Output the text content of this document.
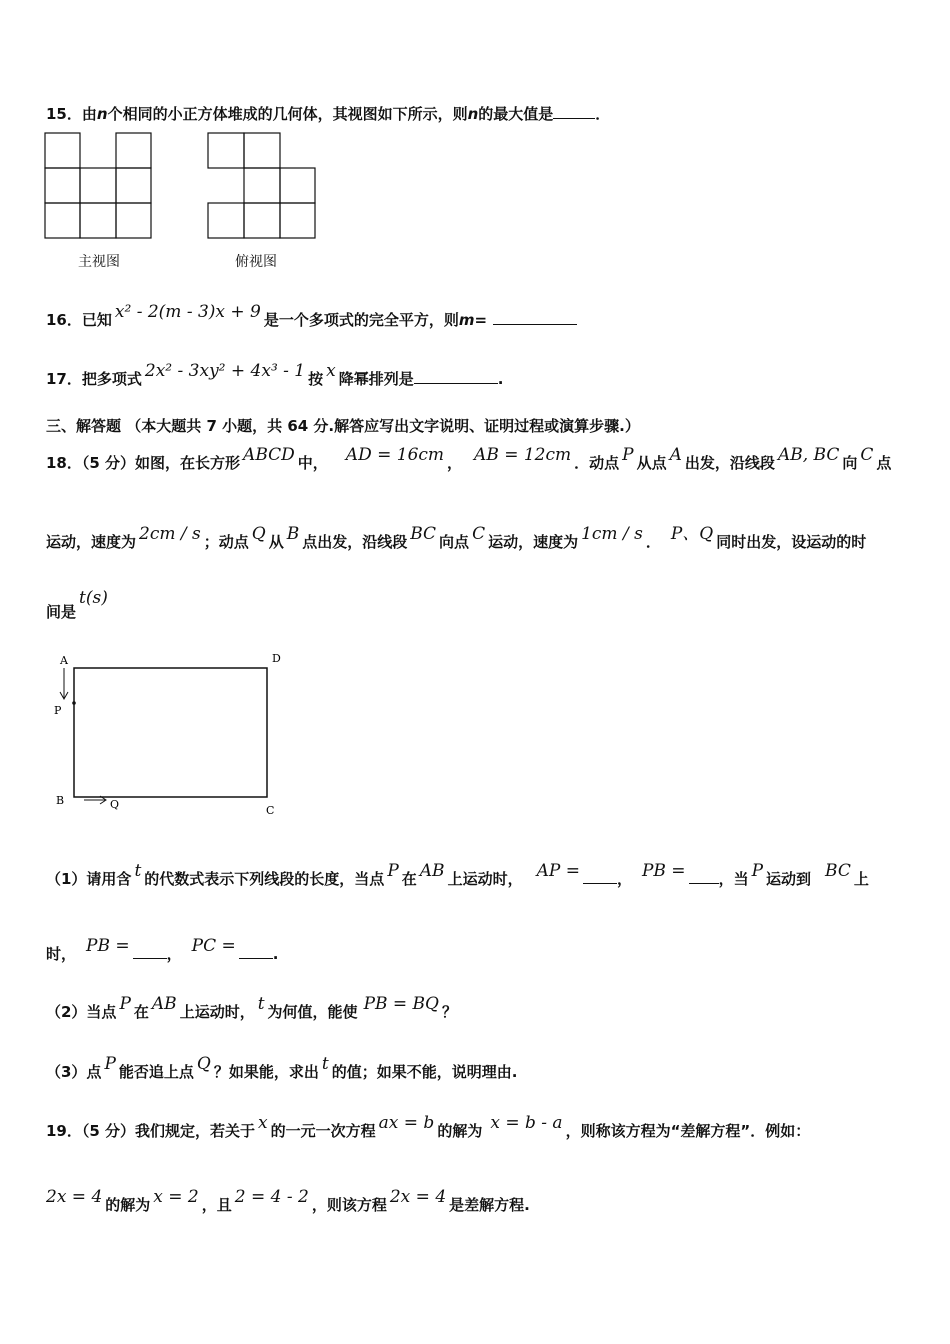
15．由n个相同的小正方体堆成的几何体，其视图如下所示，则n的最大值是	．
主视图	俯视图
16．已知 x² - 2(m - 3)x + 9 是一个多项式的完全平方，则m=
17．把多项式 2x² - 3xy² + 4x³ - 1 按 x 降幂排列是	.
三、解答题 （本大题共 7 小题，共 64 分.解答应写出文字说明、证明过程或演算步骤.）
18．（5 分）如图，在长方形 ABCD 中， AD = 16cm ， AB = 12cm ．动点 P 从点 A 出发，沿线段 AB, BC 向 C 点
运动，速度为 2cm / s ；动点 Q 从 B 点出发，沿线段 BC 向点 C 运动，速度为 1cm / s ． P、Q 同时出发，设运动的时
间是t(s)
A	D
P
B	Q	C
（1）请用含 t 的代数式表示下列线段的长度，当点 P 在 AB 上运动时， AP = ， PB = ，当 P 运动到 BC 上
时， PB = ， PC = .
（2）当点 P 在 AB 上运动时， t 为何值，能使 PB = BQ ？
（3）点 P 能否追上点 Q ？如果能，求出 t 的值；如果不能，说明理由.
19．（5 分）我们规定，若关于 x 的一元一次方程 ax = b 的解为 x = b - a ，则称该方程为“差解方程”．例如：
2x = 4 的解为 x = 2 ，且 2 = 4 - 2 ，则该方程 2x = 4 是差解方程.
